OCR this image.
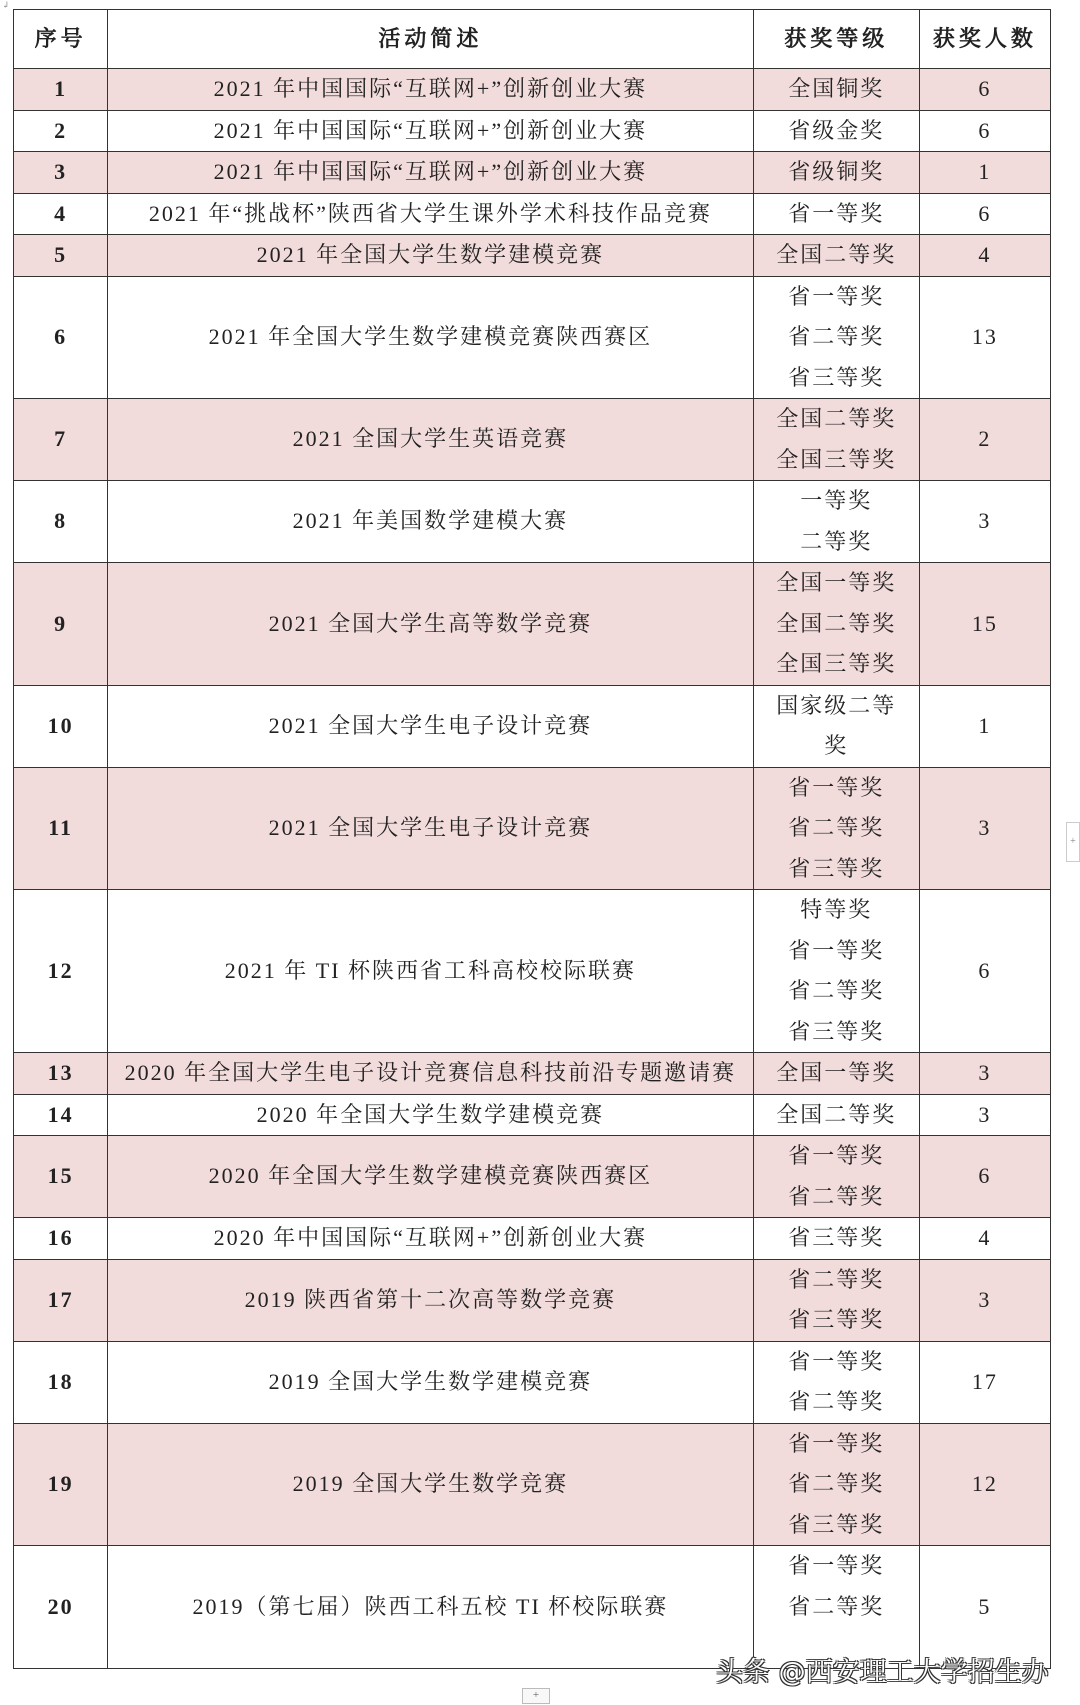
↲
序号	活动简述	获奖等级	获奖人数
1	2021 年中国国际“互联网+”创新创业大赛	全国铜奖	6
2	2021 年中国国际“互联网+”创新创业大赛	省级金奖	6
3	2021 年中国国际“互联网+”创新创业大赛	省级铜奖	1
4	2021 年“挑战杯”陕西省大学生课外学术科技作品竞赛	省一等奖	6
5	2021 年全国大学生数学建模竞赛	全国二等奖	4
6	2021 年全国大学生数学建模竞赛陕西赛区	省一等奖
省二等奖
省三等奖	13
7	2021 全国大学生英语竞赛	全国二等奖
全国三等奖	2
8	2021 年美国数学建模大赛	一等奖
二等奖	3
9	2021 全国大学生高等数学竞赛	全国一等奖
全国二等奖
全国三等奖	15
10	2021 全国大学生电子设计竞赛	国家级二等
奖	1
11	2021 全国大学生电子设计竞赛	省一等奖
省二等奖
省三等奖	3
12	2021 年 TI 杯陕西省工科高校校际联赛	特等奖
省一等奖
省二等奖
省三等奖	6
13	2020 年全国大学生电子设计竞赛信息科技前沿专题邀请赛	全国一等奖	3
14	2020 年全国大学生数学建模竞赛	全国二等奖	3
15	2020 年全国大学生数学建模竞赛陕西赛区	省一等奖
省二等奖	6
16	2020 年中国国际“互联网+”创新创业大赛	省三等奖	4
17	2019 陕西省第十二次高等数学竞赛	省二等奖
省三等奖	3
18	2019 全国大学生数学建模竞赛	省一等奖
省二等奖	17
19	2019 全国大学生数学竞赛	省一等奖
省二等奖
省三等奖	12
20	2019（第七届）陕西工科五校 TI 杯校际联赛	省一等奖
省二等奖	5
+
+
头条 @西安理工大学招生办
